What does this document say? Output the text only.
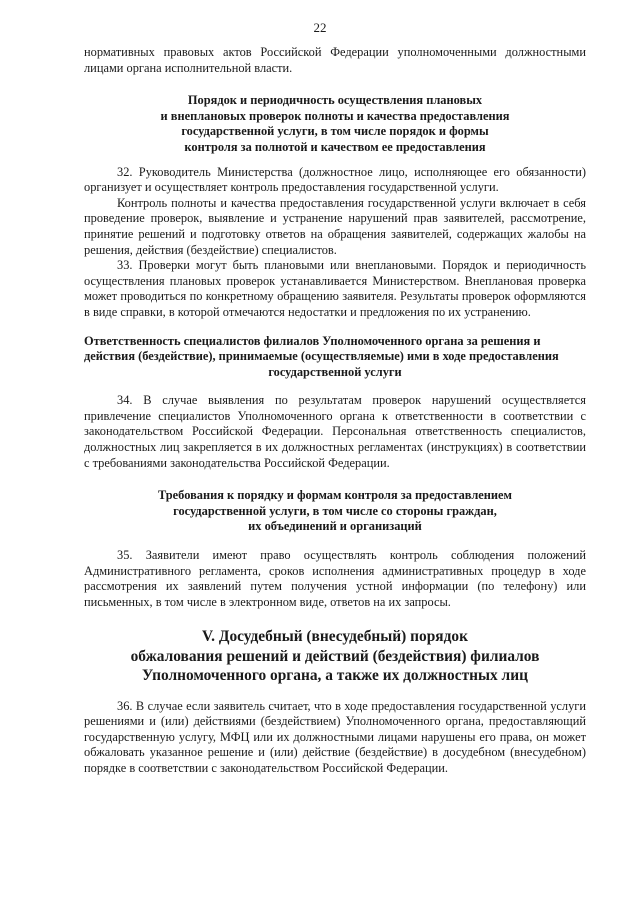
22

нормативных правовых актов Российской Федерации уполномоченными должностными лицами органа исполнительной власти.

Порядок и периодичность осуществления плановых

и внеплановых проверок полноты и качества предоставления

государственной услуги, в том числе порядок и формы

контроля за полнотой и качеством ее предоставления

32. Руководитель Министерства (должностное лицо, исполняющее его обязанности) организует и осуществляет контроль предоставления государственной услуги.

Контроль полноты и качества предоставления государственной услуги включает в себя проведение проверок, выявление и устранение нарушений прав заявителей, рассмотрение, принятие решений и подготовку ответов на обращения заявителей, содержащих жалобы на решения, действия (бездействие) специалистов.

33. Проверки могут быть плановыми или внеплановыми. Порядок и периодичность осуществления плановых проверок устанавливается Министерством. Внеплановая проверка может проводиться по конкретному обращению заявителя. Результаты проверок оформляются в виде справки, в которой отмечаются недостатки и предложения по их устранению.

Ответственность специалистов филиалов Уполномоченного органа за решения и

действия (бездействие), принимаемые (осуществляемые) ими в ходе предоставления

государственной услуги

34. В случае выявления по результатам проверок нарушений осуществляется привлечение специалистов Уполномоченного органа к ответственности в соответствии с законодательством Российской Федерации. Персональная ответственность специалистов, должностных лиц закрепляется в их должностных регламентах (инструкциях) в соответствии с требованиями законодательства Российской Федерации.

Требования к порядку и формам контроля за предоставлением

государственной услуги, в том числе со стороны граждан,

их объединений и организаций

35. Заявители имеют право осуществлять контроль соблюдения положений Административного регламента, сроков исполнения административных процедур в ходе рассмотрения их заявлений путем получения устной информации (по телефону) или письменных, в том числе в электронном виде, ответов на их запросы.

V. Досудебный (внесудебный) порядок

обжалования решений и действий (бездействия) филиалов

Уполномоченного органа, а также их должностных лиц

36. В случае если заявитель считает, что в ходе предоставления государственной услуги решениями и (или) действиями (бездействием) Уполномоченного органа, предоставляющий государственную услугу, МФЦ или их должностными лицами нарушены его права, он может обжаловать указанное решение и (или) действие (бездействие) в досудебном (внесудебном) порядке в соответствии с законодательством Российской Федерации.
